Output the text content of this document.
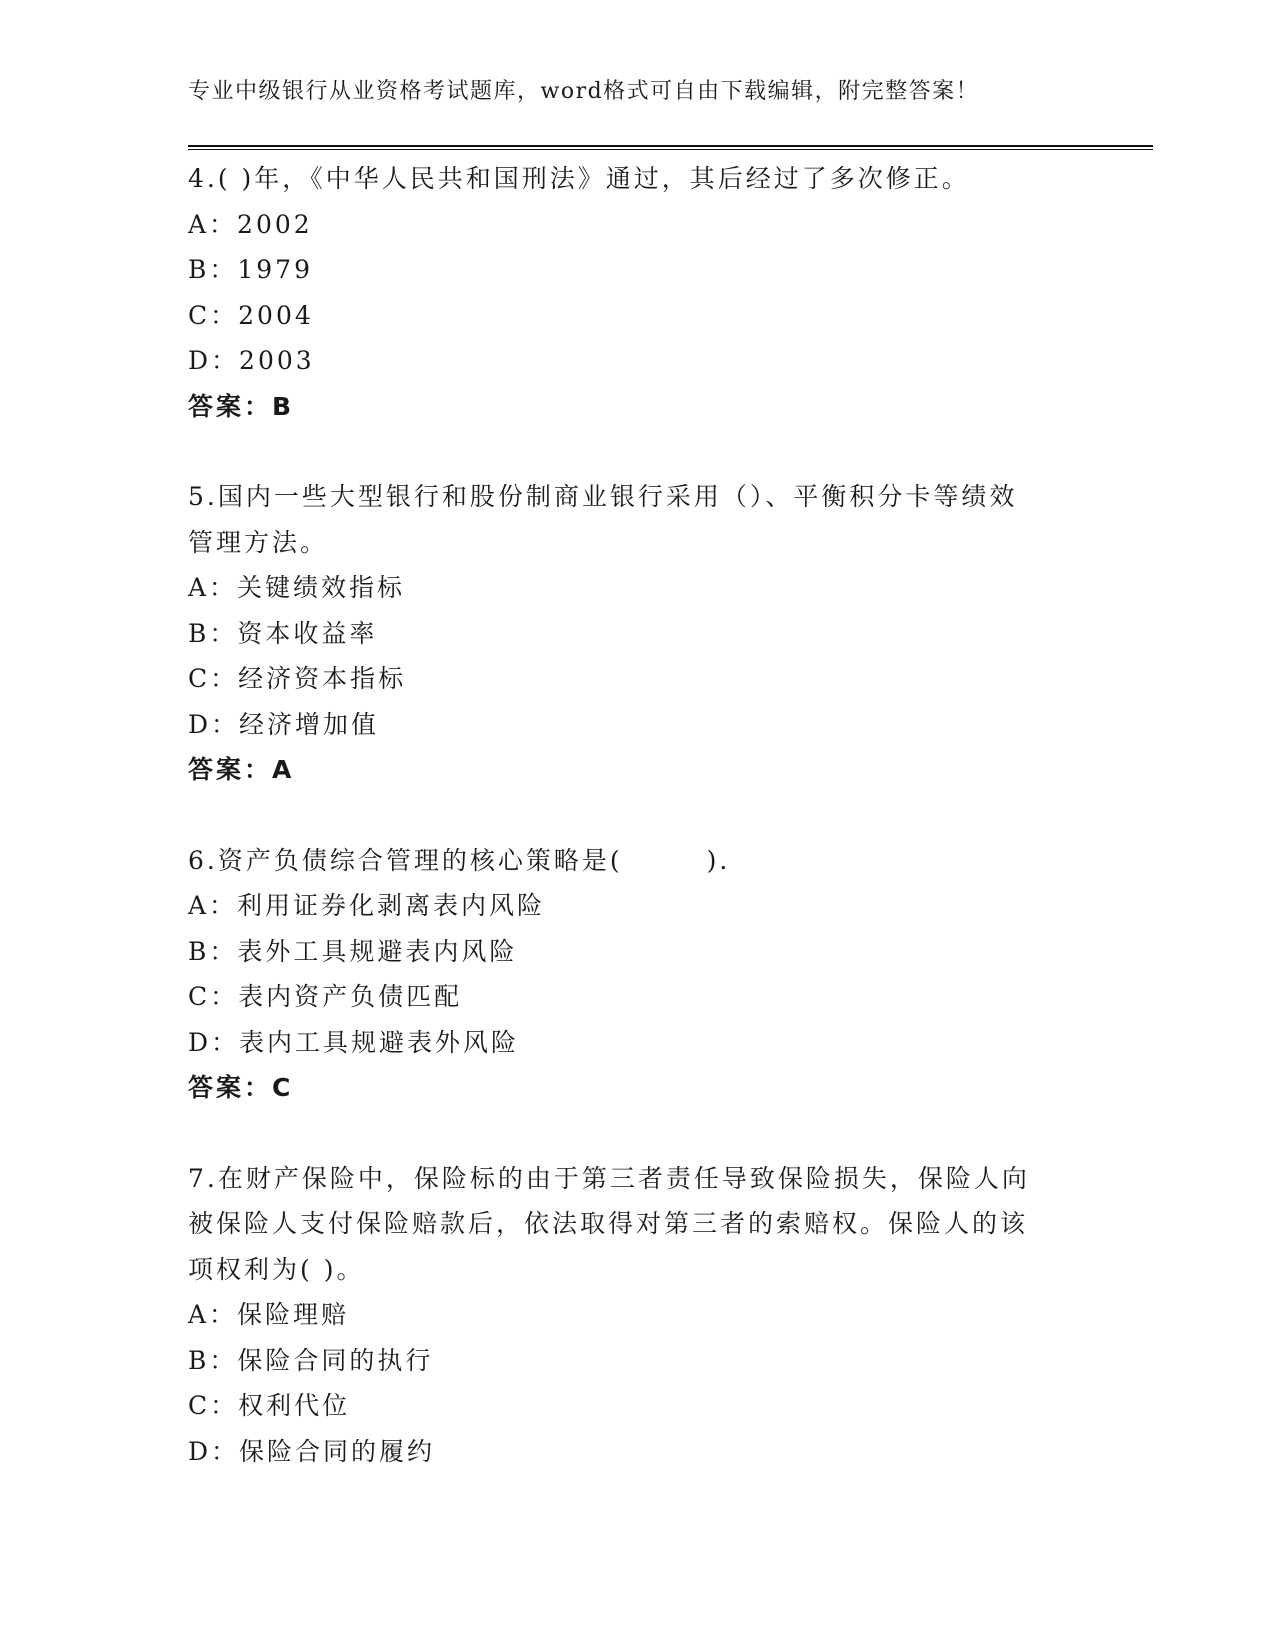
专业中级银行从业资格考试题库，word格式可自由下载编辑，附完整答案！
4.( )年，《中华人民共和国刑法》通过，其后经过了多次修正。
A：2002
B：1979
C：2004
D：2003
答案：B
5.国内一些大型银行和股份制商业银行采用（）、平衡积分卡等绩效
管理方法。
A：关键绩效指标
B：资本收益率
C：经济资本指标
D：经济增加值
答案：A
6.资产负债综合管理的核心策略是(　　　).　
A：利用证券化剥离表内风险
B：表外工具规避表内风险
C：表内资产负债匹配
D：表内工具规避表外风险
答案：C
7.在财产保险中，保险标的由于第三者责任导致保险损失，保险人向
被保险人支付保险赔款后，依法取得对第三者的索赔权。保险人的该
项权利为( )。
A：保险理赔
B：保险合同的执行
C：权利代位
D：保险合同的履约
